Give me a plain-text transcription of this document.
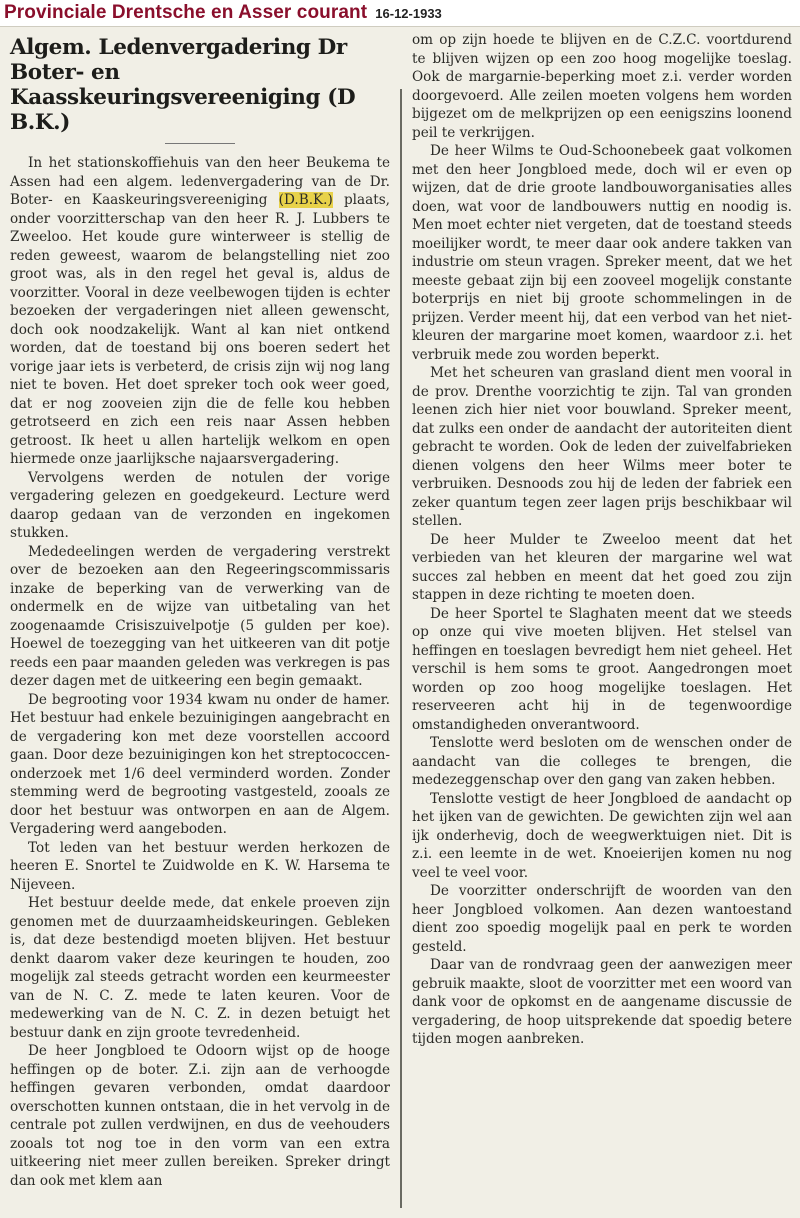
Provinciale Drentsche en Asser courant 16-12-1933
Algem. Ledenvergadering Dr Boter- en Kaasskeuringsvereeniging (D B.K.)

In het stationskoffiehuis van den heer Beukema te Assen had een algem. ledenvergadering van de Dr. Boter- en Kaaskeuringsvereeniging (D.B.K.) plaats, onder voorzitterschap van den heer R. J. Lubbers te Zweeloo. Het koude gure winterweer is stellig de reden geweest, waarom de belangstelling niet zoo groot was, als in den regel het geval is, aldus de voorzitter. Vooral in deze veelbewogen tijden is echter bezoeken der vergaderingen niet alleen gewenscht, doch ook noodzakelijk. Want al kan niet ontkend worden, dat de toestand bij ons boeren sedert het vorige jaar iets is verbeterd, de crisis zijn wij nog lang niet te boven. Het doet spreker toch ook weer goed, dat er nog zooveien zijn die de felle kou hebben getrotseerd en zich een reis naar Assen hebben getroost. Ik heet u allen hartelijk welkom en open hiermede onze jaarlijksche najaarsvergadering.

Vervolgens werden de notulen der vorige vergadering gelezen en goedgekeurd. Lecture werd daarop gedaan van de verzonden en ingekomen stukken.

Mededeelingen werden de vergadering verstrekt over de bezoeken aan den Regeeringscommissaris inzake de beperking van de verwerking van de ondermelk en de wijze van uitbetaling van het zoogenaamde Crisiszuivelpotje (5 gulden per koe). Hoewel de toezegging van het uitkeeren van dit potje reeds een paar maanden geleden was verkregen is pas dezer dagen met de uitkeering een begin gemaakt.

De begrooting voor 1934 kwam nu onder de hamer. Het bestuur had enkele bezuinigingen aangebracht en de vergadering kon met deze voorstellen accoord gaan. Door deze bezuinigingen kon het streptococcen-onderzoek met 1/6 deel verminderd worden. Zonder stemming werd de begrooting vastgesteld, zooals ze door het bestuur was ontworpen en aan de Algem. Vergadering werd aangeboden.

Tot leden van het bestuur werden herkozen de heeren E. Snortel te Zuidwolde en K. W. Harsema te Nijeveen.

Het bestuur deelde mede, dat enkele proeven zijn genomen met de duurzaamheidskeuringen. Gebleken is, dat deze bestendigd moeten blijven. Het bestuur denkt daarom vaker deze keuringen te houden, zoo mogelijk zal steeds getracht worden een keurmeester van de N. C. Z. mede te laten keuren. Voor de medewerking van de N. C. Z. in dezen betuigt het bestuur dank en zijn groote tevredenheid.

De heer Jongbloed te Odoorn wijst op de hooge heffingen op de boter. Z.i. zijn aan de verhoogde heffingen gevaren verbonden, omdat daardoor overschotten kunnen ontstaan, die in het vervolg in de centrale pot zullen verdwijnen, en dus de veehouders zooals tot nog toe in den vorm van een extra uitkeering niet meer zullen bereiken. Spreker dringt dan ook met klem aan

om op zijn hoede te blijven en de C.Z.C. voortdurend te blijven wijzen op een zoo hoog mogelijke toeslag. Ook de margarnie-beperking moet z.i. verder worden doorgevoerd. Alle zeilen moeten volgens hem worden bijgezet om de melkprijzen op een eenigszins loonend peil te verkrijgen.

De heer Wilms te Oud-Schoonebeek gaat volkomen met den heer Jongbloed mede, doch wil er even op wijzen, dat de drie groote landbouworganisaties alles doen, wat voor de landbouwers nuttig en noodig is. Men moet echter niet vergeten, dat de toestand steeds moeilijker wordt, te meer daar ook andere takken van industrie om steun vragen. Spreker meent, dat we het meeste gebaat zijn bij een zooveel mogelijk constante boterprijs en niet bij groote schommelingen in de prijzen. Verder meent hij, dat een verbod van het niet-kleuren der margarine moet komen, waardoor z.i. het verbruik mede zou worden beperkt.

Met het scheuren van grasland dient men vooral in de prov. Drenthe voorzichtig te zijn. Tal van gronden leenen zich hier niet voor bouwland. Spreker meent, dat zulks een onder de aandacht der autoriteiten dient gebracht te worden. Ook de leden der zuivelfabrieken dienen volgens den heer Wilms meer boter te verbruiken. Desnoods zou hij de leden der fabriek een zeker quantum tegen zeer lagen prijs beschikbaar wil stellen.

De heer Mulder te Zweeloo meent dat het verbieden van het kleuren der margarine wel wat succes zal hebben en meent dat het goed zou zijn stappen in deze richting te moeten doen.

De heer Sportel te Slaghaten meent dat we steeds op onze qui vive moeten blijven. Het stelsel van heffingen en toeslagen bevredigt hem niet geheel. Het verschil is hem soms te groot. Aangedrongen moet worden op zoo hoog mogelijke toeslagen. Het reserveeren acht hij in de tegenwoordige omstandigheden onverantwoord.

Tenslotte werd besloten om de wenschen onder de aandacht van die colleges te brengen, die medezeggenschap over den gang van zaken hebben.

Tenslotte vestigt de heer Jongbloed de aandacht op het ijken van de gewichten. De gewichten zijn wel aan ijk onderhevig, doch de weegwerktuigen niet. Dit is z.i. een leemte in de wet. Knoeierijen komen nu nog veel te veel voor.

De voorzitter onderschrijft de woorden van den heer Jongbloed volkomen. Aan dezen wantoestand dient zoo spoedig mogelijk paal en perk te worden gesteld.

Daar van de rondvraag geen der aanwezigen meer gebruik maakte, sloot de voorzitter met een woord van dank voor de opkomst en de aangename discussie de vergadering, de hoop uitsprekende dat spoedig betere tijden mogen aanbreken.
